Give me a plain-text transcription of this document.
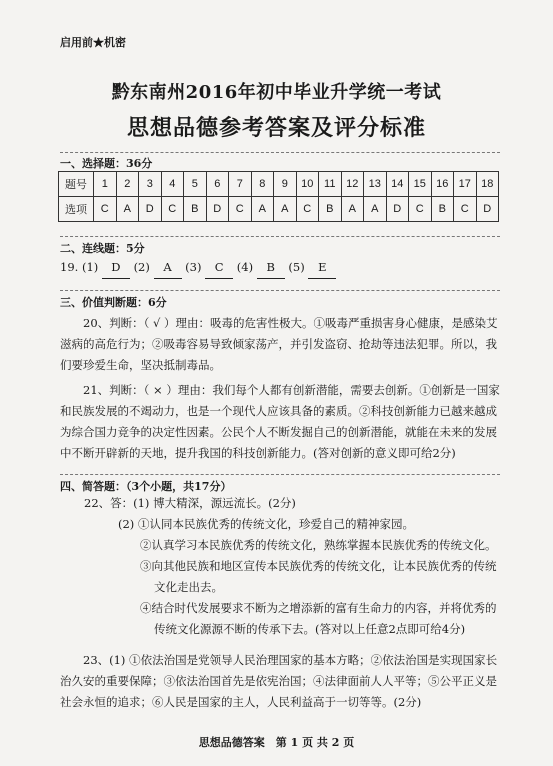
启用前★机密
黔东南州2016年初中毕业升学统一考试
思想品德参考答案及评分标准
一、选择题：36分
题号	1	2	3	4	5	6	7	8	9	10	11	12	13	14	15	16	17	18
选项	C	A	D	C	B	D	C	A	A	C	B	A	A	D	C	B	C	D
二、连线题：5分
19. (1) D (2) A (3) C (4) B (5) E
三、价值判断题：6分
20、判断：（ √ ）理由：吸毒的危害性极大。①吸毒严重损害身心健康，是感染艾滋病的高危行为；②吸毒容易导致倾家荡产，并引发盗窃、抢劫等违法犯罪。所以，我们要珍爱生命，坚决抵制毒品。
21、判断：（ × ）理由：我们每个人都有创新潜能，需要去创新。①创新是一国家和民族发展的不竭动力，也是一个现代人应该具备的素质。②科技创新能力已越来越成为综合国力竞争的决定性因素。公民个人不断发掘自己的创新潜能，就能在未来的发展中不断开辟新的天地，提升我国的科技创新能力。(答对创新的意义即可给2分)
四、简答题：（3个小题，共17分）
22、答：(1) 博大精深，源远流长。(2分)
(2) ①认同本民族优秀的传统文化，珍爱自己的精神家园。
②认真学习本民族优秀的传统文化，熟练掌握本民族优秀的传统文化。
③向其他民族和地区宣传本民族优秀的传统文化，让本民族优秀的传统
文化走出去。
④结合时代发展要求不断为之增添新的富有生命力的内容，并将优秀的
传统文化源源不断的传承下去。(答对以上任意2点即可给4分)
23、(1) ①依法治国是党领导人民治理国家的基本方略；②依法治国是实现国家长治久安的重要保障；③依法治国首先是依宪治国；④法律面前人人平等；⑤公平正义是社会永恒的追求；⑥人民是国家的主人，人民利益高于一切等等。(2分)
思想品德答案　第 1 页 共 2 页
